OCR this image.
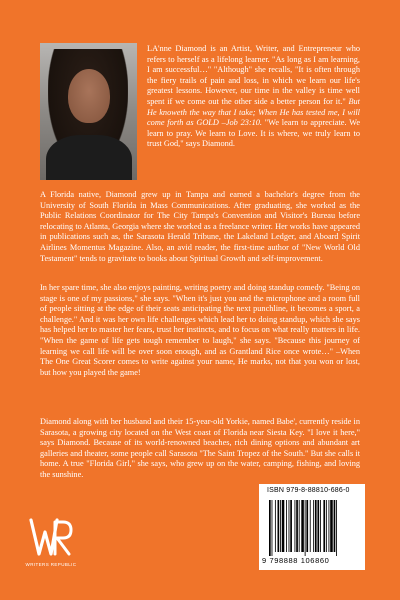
LA'nne Diamond is an Artist, Writer, and Entrepreneur who refers to herself as a lifelong learner. "As long as I am learning, I am successful…" "Although" she recalls, "It is often through the fiery trails of pain and loss, in which we learn our life's greatest lessons. However, our time in the valley is time well spent if we come out the other side a better person for it." But He knoweth the way that I take; When He has tested me, I will come forth as GOLD –Job 23:10. "We learn to appreciate. We learn to pray. We learn to Love. It is where, we truly learn to trust God," says Diamond.
A Florida native, Diamond grew up in Tampa and earned a bachelor's degree from the University of South Florida in Mass Communications. After graduating, she worked as the Public Relations Coordinator for The City Tampa's Convention and Visitor's Bureau before relocating to Atlanta, Georgia where she worked as a freelance writer. Her works have appeared in publications such as, the Sarasota Herald Tribune, the Lakeland Ledger, and Aboard Spirit Airlines Momentus Magazine. Also, an avid reader, the first-time author of "New World Old Testament" tends to gravitate to books about Spiritual Growth and self-improvement.
In her spare time, she also enjoys painting, writing poetry and doing standup comedy. "Being on stage is one of my passions," she says. "When it's just you and the microphone and a room full of people sitting at the edge of their seats anticipating the next punchline, it becomes a sport, a challenge." And it was her own life challenges which lead her to doing standup, which she says has helped her to master her fears, trust her instincts, and to focus on what really matters in life. "When the game of life gets tough remember to laugh," she says. "Because this journey of learning we call life will be over soon enough, and as Grantland Rice once wrote…" –When The One Great Scorer comes to write against your name, He marks, not that you won or lost, but how you played the game!
Diamond along with her husband and their 15-year-old Yorkie, named Babe', currently reside in Sarasota, a growing city located on the West coast of Florida near Siesta Key. "I love it here," says Diamond. Because of its world-renowned beaches, rich dining options and abundant art galleries and theater, some people call Sarasota "The Saint Tropez of the South." But she calls it home. A true "Florida Girl," she says, who grew up on the water, camping, fishing, and loving the sunshine.
WRITERS REPUBLIC
ISBN 979-8-88810-686-0
9 798888 106860
